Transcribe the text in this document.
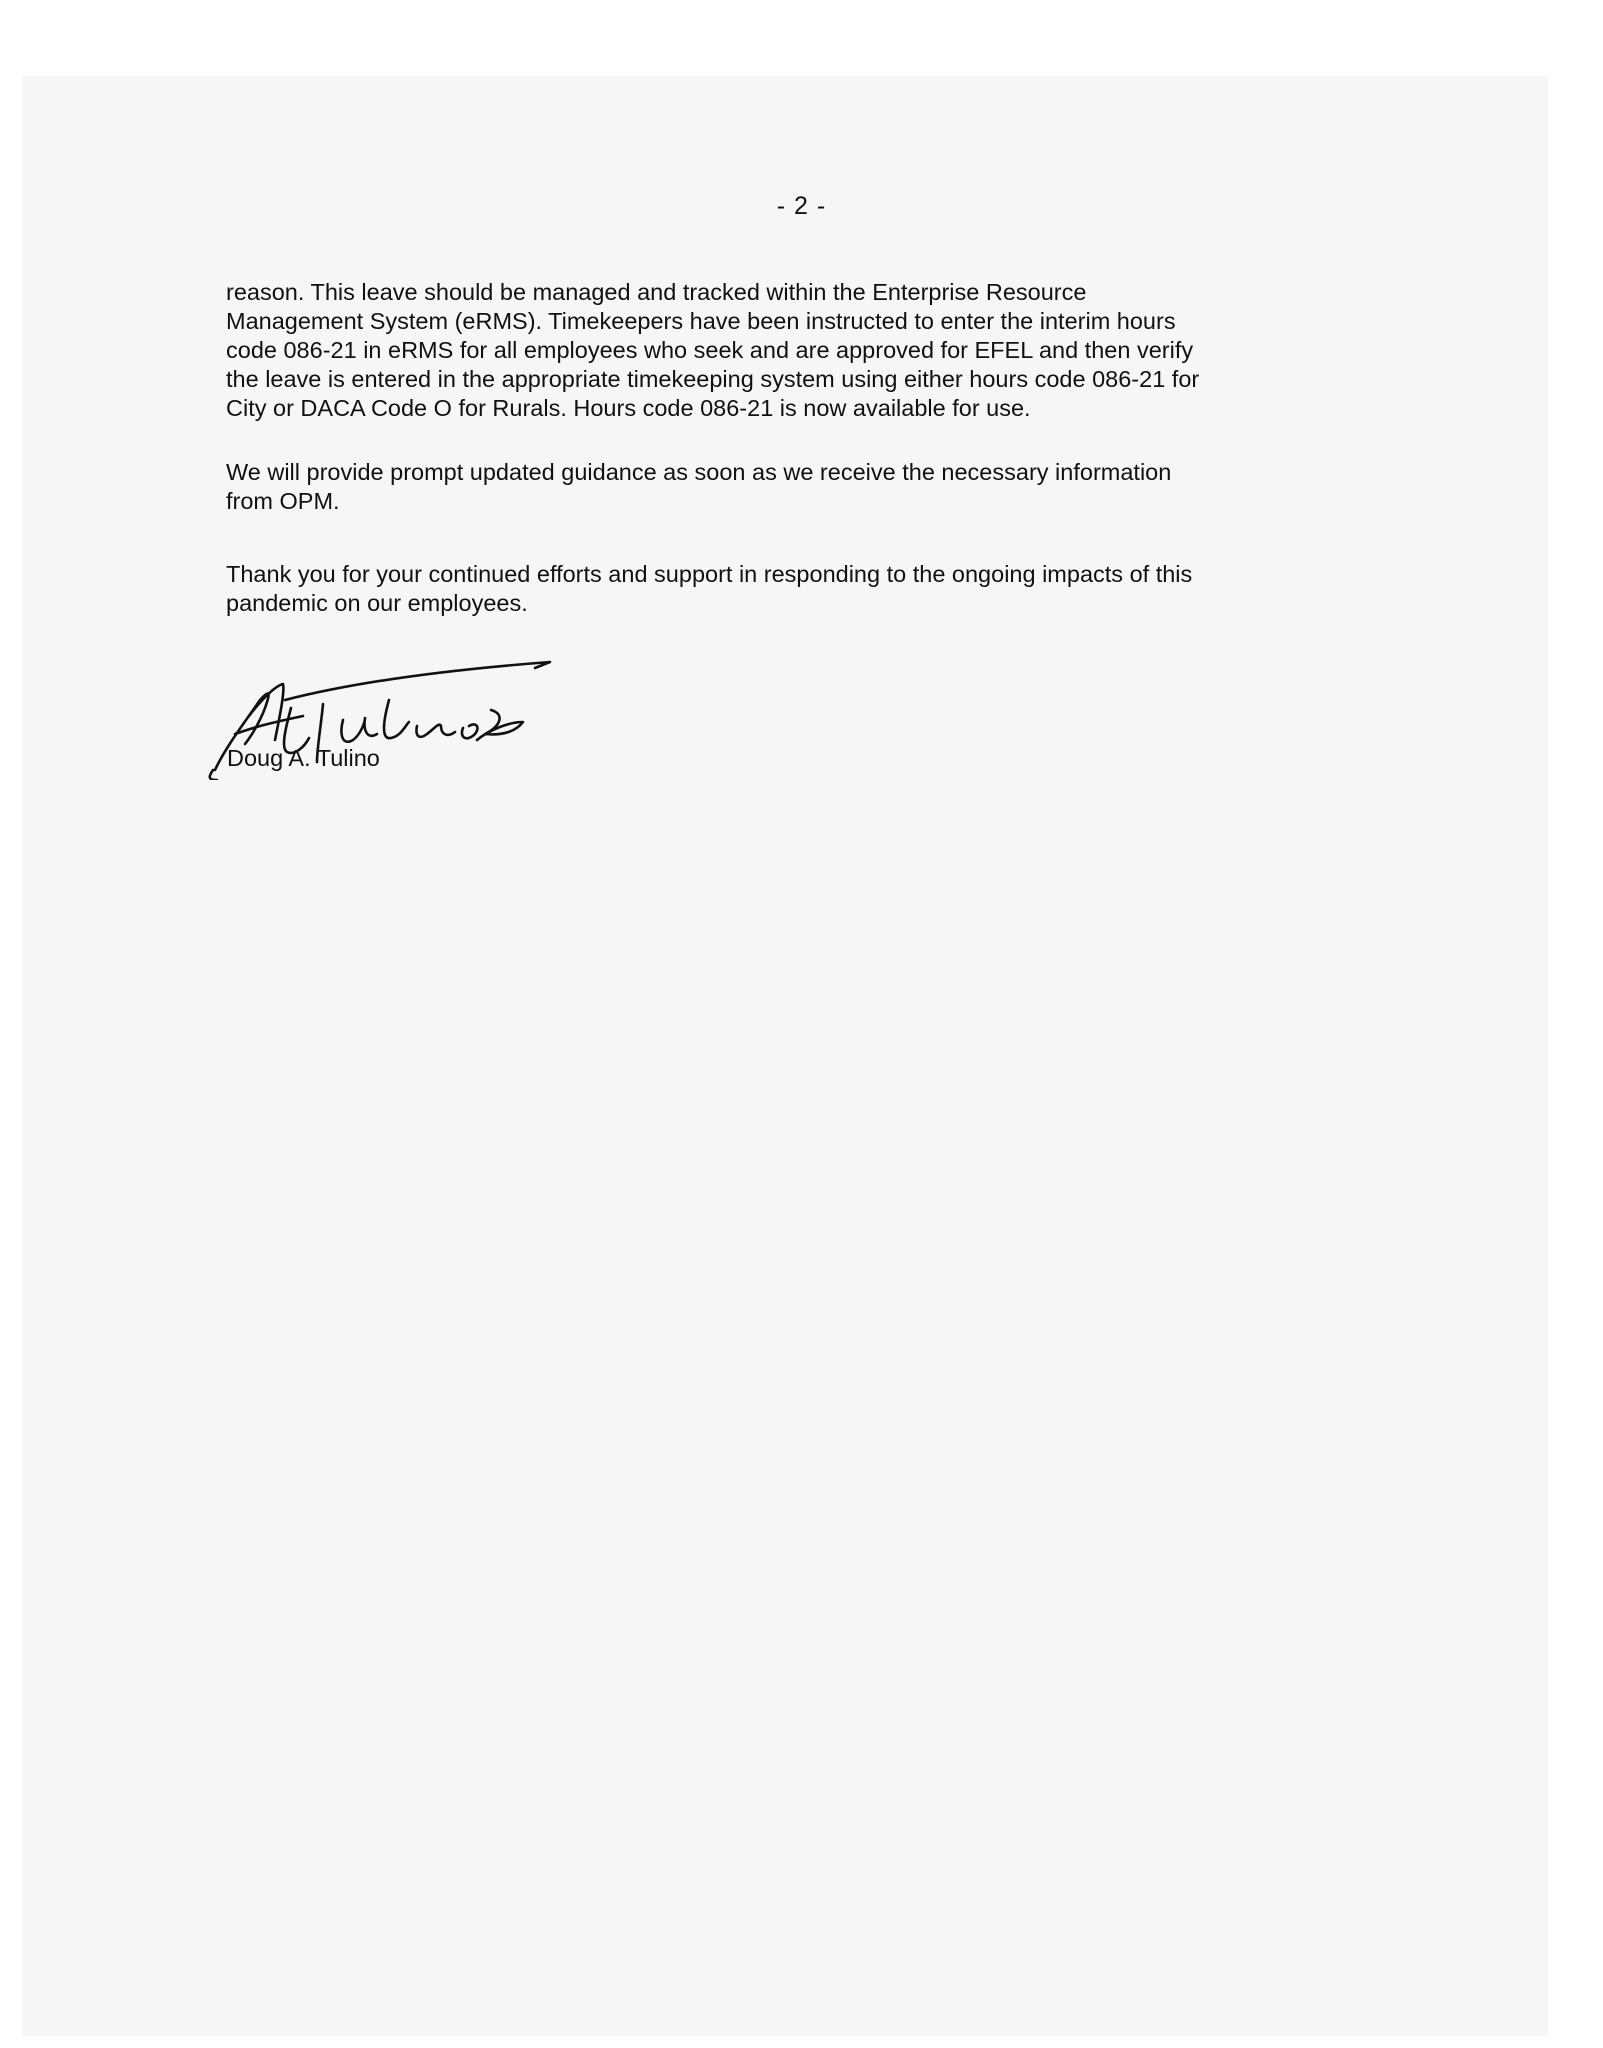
- 2 -

reason. This leave should be managed and tracked within the Enterprise Resource
Management System (eRMS). Timekeepers have been instructed to enter the interim hours
code 086-21 in eRMS for all employees who seek and are approved for EFEL and then verify
the leave is entered in the appropriate timekeeping system using either hours code 086-21 for
City or DACA Code O for Rurals. Hours code 086-21 is now available for use.

We will provide prompt updated guidance as soon as we receive the necessary information
from OPM.

Thank you for your continued efforts and support in responding to the ongoing impacts of this
pandemic on our employees.

Doug A. Tulino
